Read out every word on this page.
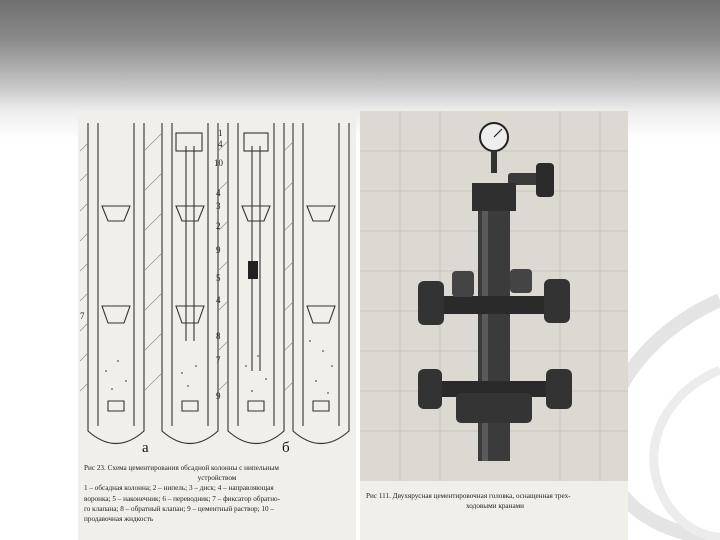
1
4
10
4
3
2
9
5
4
8
7
9
7
а	б
Рис 23. Схема цементирования обсадной колонны с нипельным
устройством
1 – обсадная колонна; 2 – нипель; 3 – диск; 4 – направляющая
воронка; 5 – наконечник; 6 – переводник; 7 – фиксатор обратно-
го клапана; 8 – обратный клапан; 9 – цементный раствор; 10 –
продавочная жидкость
Рис 111. Двухярусная цементировочная головка, оснащенная трех-
ходовыми кранами
